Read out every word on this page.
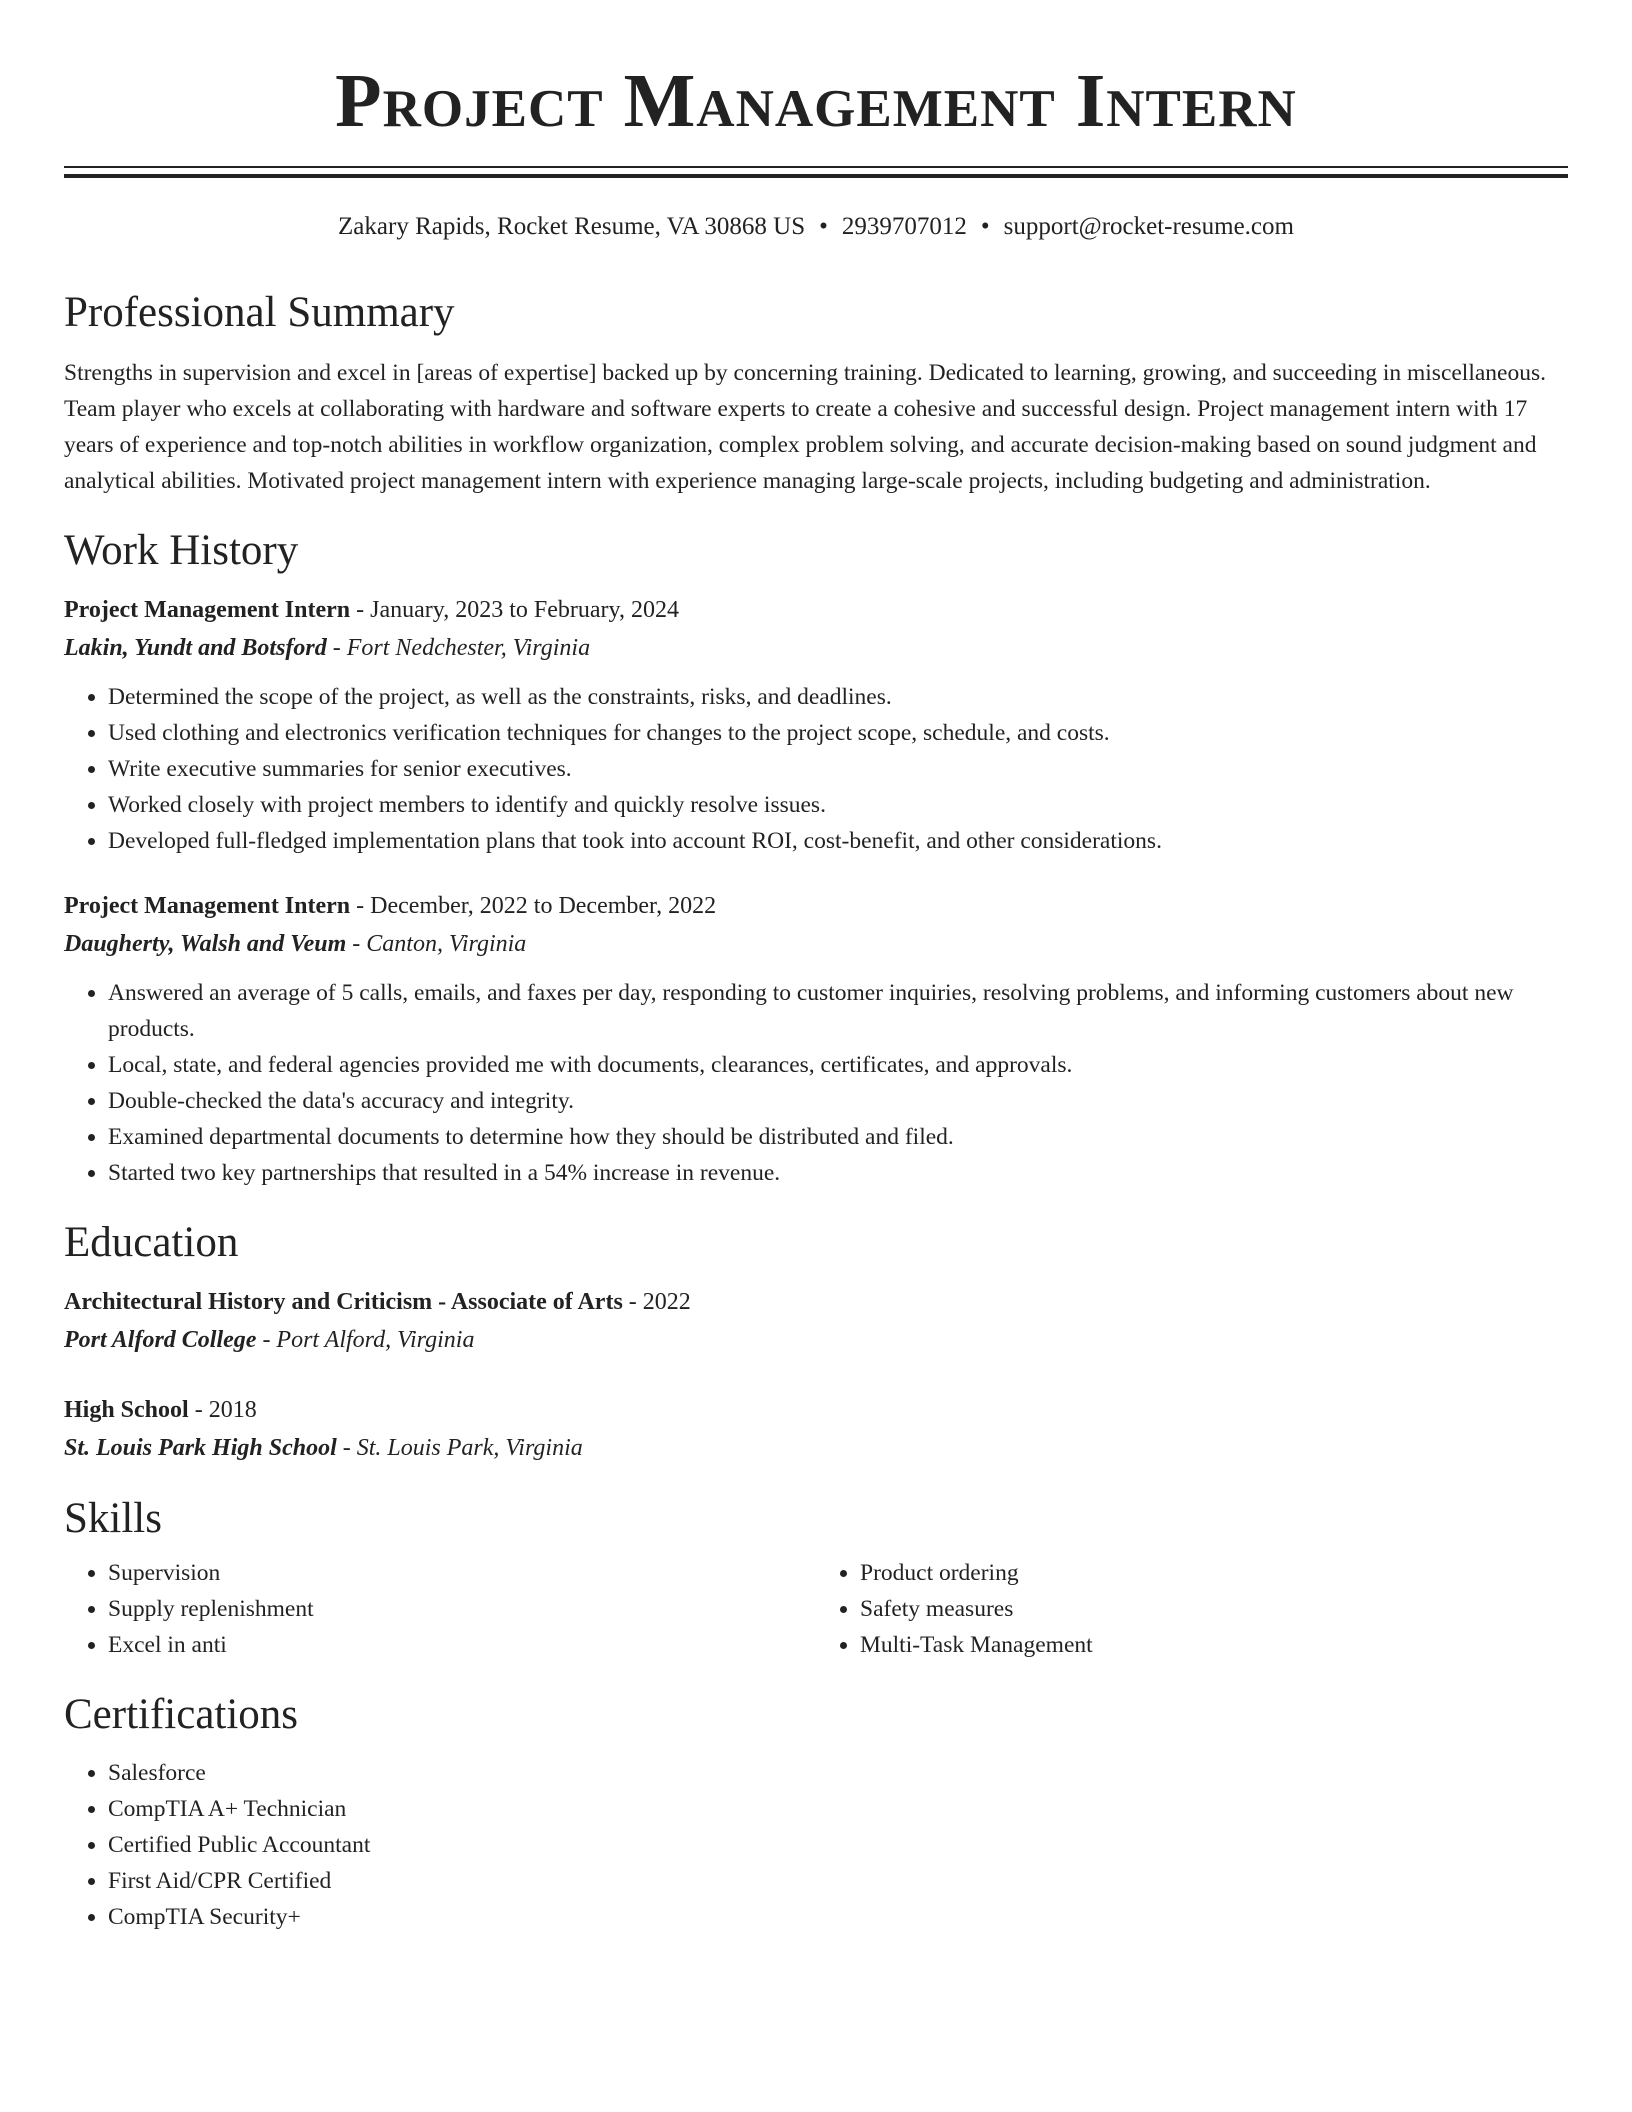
Project Management Intern
Zakary Rapids, Rocket Resume, VA 30868 US • 2939707012 • support@rocket-resume.com
Professional Summary

Strengths in supervision and excel in [areas of expertise] backed up by concerning training. Dedicated to learning, growing, and succeeding in miscellaneous. Team player who excels at collaborating with hardware and software experts to create a cohesive and successful design. Project management intern with 17 years of experience and top-notch abilities in workflow organization, complex problem solving, and accurate decision-making based on sound judgment and analytical abilities. Motivated project management intern with experience managing large-scale projects, including budgeting and administration.

Work History
Project Management Intern - January, 2023 to February, 2024
Lakin, Yundt and Botsford - Fort Nedchester, Virginia
• Determined the scope of the project, as well as the constraints, risks, and deadlines.
• Used clothing and electronics verification techniques for changes to the project scope, schedule, and costs.
• Write executive summaries for senior executives.
• Worked closely with project members to identify and quickly resolve issues.
• Developed full-fledged implementation plans that took into account ROI, cost-benefit, and other considerations.
Project Management Intern - December, 2022 to December, 2022
Daugherty, Walsh and Veum - Canton, Virginia
• Answered an average of 5 calls, emails, and faxes per day, responding to customer inquiries, resolving problems, and informing customers about new products.
• Local, state, and federal agencies provided me with documents, clearances, certificates, and approvals.
• Double-checked the data's accuracy and integrity.
• Examined departmental documents to determine how they should be distributed and filed.
• Started two key partnerships that resulted in a 54% increase in revenue.
Education
Architectural History and Criticism - Associate of Arts - 2022
Port Alford College - Port Alford, Virginia
High School - 2018
St. Louis Park High School - St. Louis Park, Virginia
Skills
• Supervision
• Supply replenishment
• Excel in anti
• Product ordering
• Safety measures
• Multi-Task Management
Certifications
• Salesforce
• CompTIA A+ Technician
• Certified Public Accountant
• First Aid/CPR Certified
• CompTIA Security+
